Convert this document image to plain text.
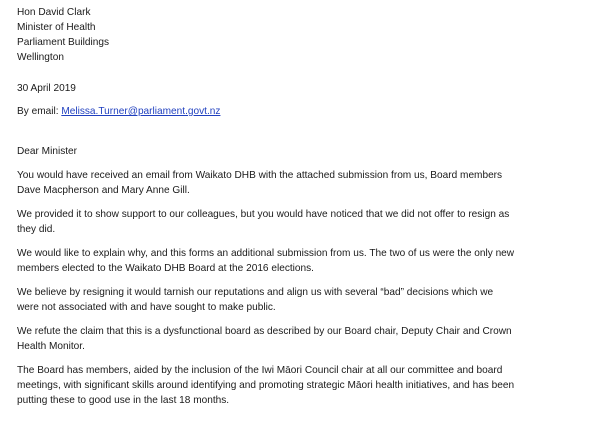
Hon David Clark
Minister of Health
Parliament Buildings
Wellington
30 April 2019
By email: Melissa.Turner@parliament.govt.nz
Dear Minister
You would have received an email from Waikato DHB with the attached submission from us, Board members
Dave Macpherson and Mary Anne Gill.
We provided it to show support to our colleagues, but you would have noticed that we did not offer to resign as
they did.
We would like to explain why, and this forms an additional submission from us. The two of us were the only new
members elected to the Waikato DHB Board at the 2016 elections.
We believe by resigning it would tarnish our reputations and align us with several “bad” decisions which we
were not associated with and have sought to make public.
We refute the claim that this is a dysfunctional board as described by our Board chair, Deputy Chair and Crown
Health Monitor.
The Board has members, aided by the inclusion of the Iwi Māori Council chair at all our committee and board
meetings, with significant skills around identifying and promoting strategic Māori health initiatives, and has been
putting these to good use in the last 18 months.
